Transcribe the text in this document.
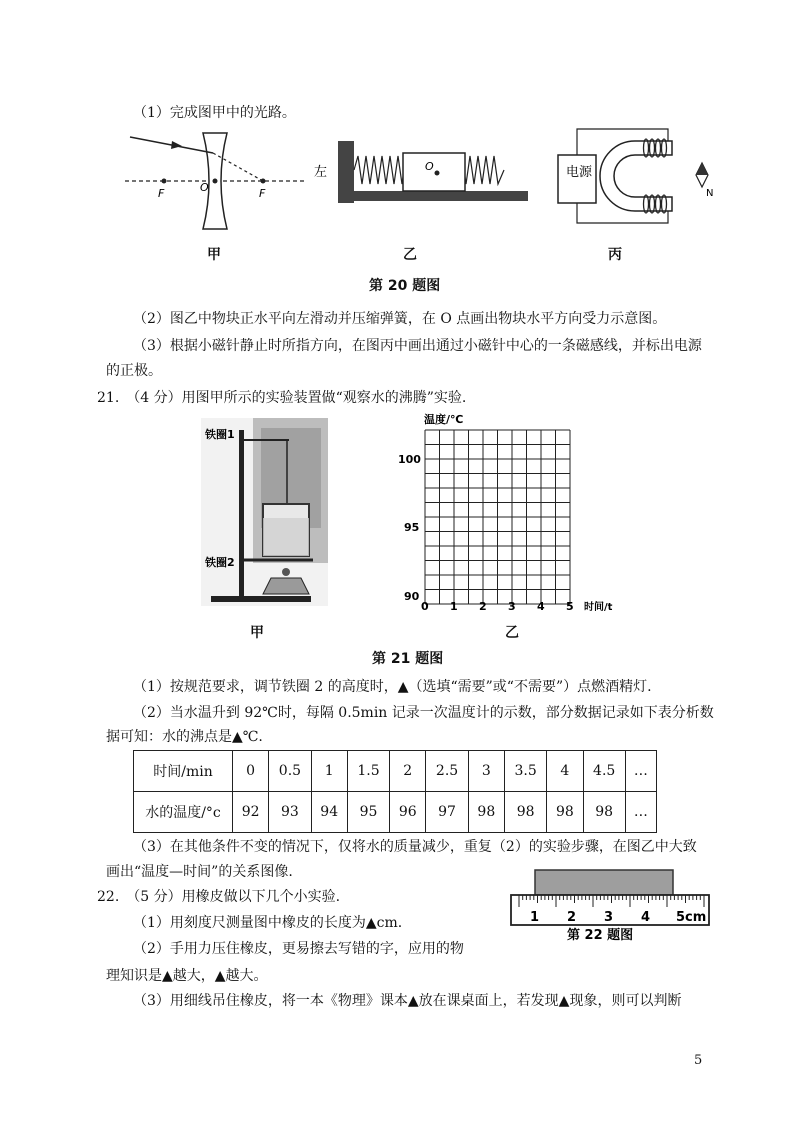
（1）完成图甲中的光路。
F	O	F
左	O	电源
N
甲	乙	丙
第 20 题图
（2）图乙中物块正水平向左滑动并压缩弹簧，在 O 点画出物块水平方向受力示意图。
（3）根据小磁针静止时所指方向，在图丙中画出通过小磁针中心的一条磁感线，并标出电源
的正极。
21.　（4 分）用图甲所示的实验装置做“观察水的沸腾”实验.
铁圈1
铁圈2
温度/℃
100
95
90
0 1 2 3 4 5 时间/t
甲	乙
第 21 题图
（1）按规范要求，调节铁圈 2 的高度时，▲（选填“需要”或“不需要”）点燃酒精灯.
（2）当水温升到 92℃时，每隔 0.5min 记录一次温度计的示数，部分数据记录如下表分析数
据可知：水的沸点是▲℃.
时间/min	0	0.5	1	1.5	2	2.5	3	3.5	4	4.5	…
水的温度/°c	92	93	94	95	96	97	98	98	98	98	…
（3）在其他条件不变的情况下，仅将水的质量减少，重复（2）的实验步骤，在图乙中大致
画出“温度—时间”的关系图像.
22.　（5 分）用橡皮做以下几个小实验.
（1）用刻度尺测量图中橡皮的长度为▲cm.
（2）手用力压住橡皮，更易擦去写错的字，应用的物
理知识是▲越大，▲越大。
（3）用细线吊住橡皮，将一本《物理》课本▲放在课桌面上，若发现▲现象，则可以判断
1 2 3 4 5cm
第 22 题图
5
